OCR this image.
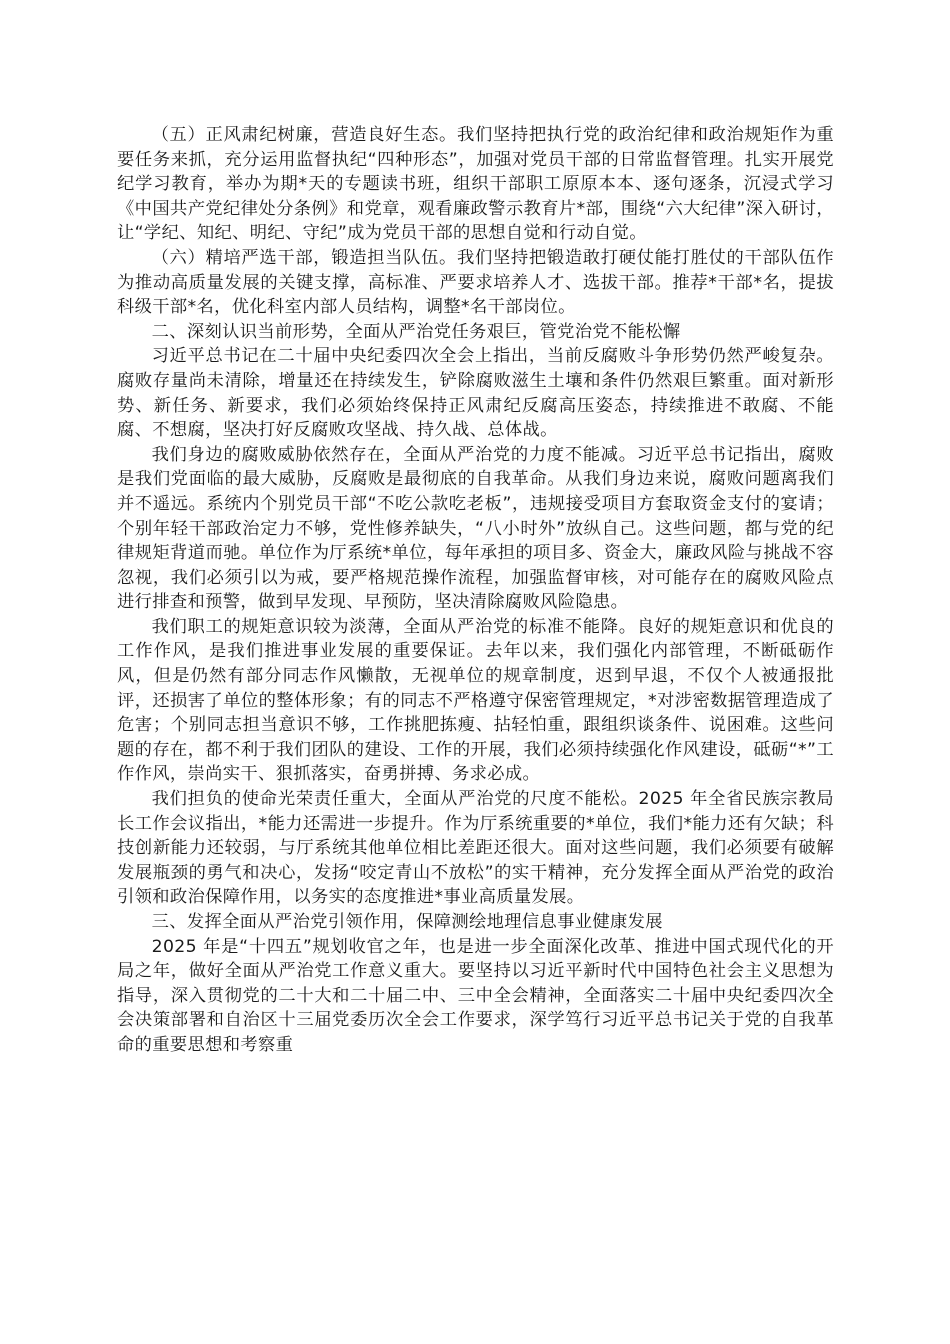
（五）正风肃纪树廉，营造良好生态。我们坚持把执行党的政治纪律和政治规矩作为重要任务来抓，充分运用监督执纪“四种形态”，加强对党员干部的日常监督管理。扎实开展党纪学习教育，举办为期*天的专题读书班，组织干部职工原原本本、逐句逐条，沉浸式学习《中国共产党纪律处分条例》和党章，观看廉政警示教育片*部，围绕“六大纪律”深入研讨，让“学纪、知纪、明纪、守纪”成为党员干部的思想自觉和行动自觉。

（六）精培严选干部，锻造担当队伍。我们坚持把锻造敢打硬仗能打胜仗的干部队伍作为推动高质量发展的关键支撑，高标准、严要求培养人才、选拔干部。推荐*干部*名，提拔科级干部*名，优化科室内部人员结构，调整*名干部岗位。

二、深刻认识当前形势，全面从严治党任务艰巨，管党治党不能松懈

习近平总书记在二十届中央纪委四次全会上指出，当前反腐败斗争形势仍然严峻复杂。腐败存量尚未清除，增量还在持续发生，铲除腐败滋生土壤和条件仍然艰巨繁重。面对新形势、新任务、新要求，我们必须始终保持正风肃纪反腐高压姿态，持续推进不敢腐、不能腐、不想腐，坚决打好反腐败攻坚战、持久战、总体战。

我们身边的腐败威胁依然存在，全面从严治党的力度不能减。习近平总书记指出，腐败是我们党面临的最大威胁，反腐败是最彻底的自我革命。从我们身边来说，腐败问题离我们并不遥远。系统内个别党员干部“不吃公款吃老板”，违规接受项目方套取资金支付的宴请；个别年轻干部政治定力不够，党性修养缺失，“八小时外”放纵自己。这些问题，都与党的纪律规矩背道而驰。单位作为厅系统*单位，每年承担的项目多、资金大，廉政风险与挑战不容忽视，我们必须引以为戒，要严格规范操作流程，加强监督审核，对可能存在的腐败风险点进行排查和预警，做到早发现、早预防，坚决清除腐败风险隐患。

我们职工的规矩意识较为淡薄，全面从严治党的标准不能降。良好的规矩意识和优良的工作作风，是我们推进事业发展的重要保证。去年以来，我们强化内部管理，不断砥砺作风，但是仍然有部分同志作风懒散，无视单位的规章制度，迟到早退，不仅个人被通报批评，还损害了单位的整体形象；有的同志不严格遵守保密管理规定，*对涉密数据管理造成了危害；个别同志担当意识不够，工作挑肥拣瘦、拈轻怕重，跟组织谈条件、说困难。这些问题的存在，都不利于我们团队的建设、工作的开展，我们必须持续强化作风建设，砥砺“*”工作作风，崇尚实干、狠抓落实，奋勇拼搏、务求必成。

我们担负的使命光荣责任重大，全面从严治党的尺度不能松。2025 年全省民族宗教局长工作会议指出，*能力还需进一步提升。作为厅系统重要的*单位，我们*能力还有欠缺；科技创新能力还较弱，与厅系统其他单位相比差距还很大。面对这些问题，我们必须要有破解发展瓶颈的勇气和决心，发扬“咬定青山不放松”的实干精神，充分发挥全面从严治党的政治引领和政治保障作用，以务实的态度推进*事业高质量发展。

三、发挥全面从严治党引领作用，保障测绘地理信息事业健康发展

2025 年是“十四五”规划收官之年，也是进一步全面深化改革、推进中国式现代化的开局之年，做好全面从严治党工作意义重大。要坚持以习近平新时代中国特色社会主义思想为指导，深入贯彻党的二十大和二十届二中、三中全会精神，全面落实二十届中央纪委四次全会决策部署和自治区十三届党委历次全会工作要求，深学笃行习近平总书记关于党的自我革命的重要思想和考察重
